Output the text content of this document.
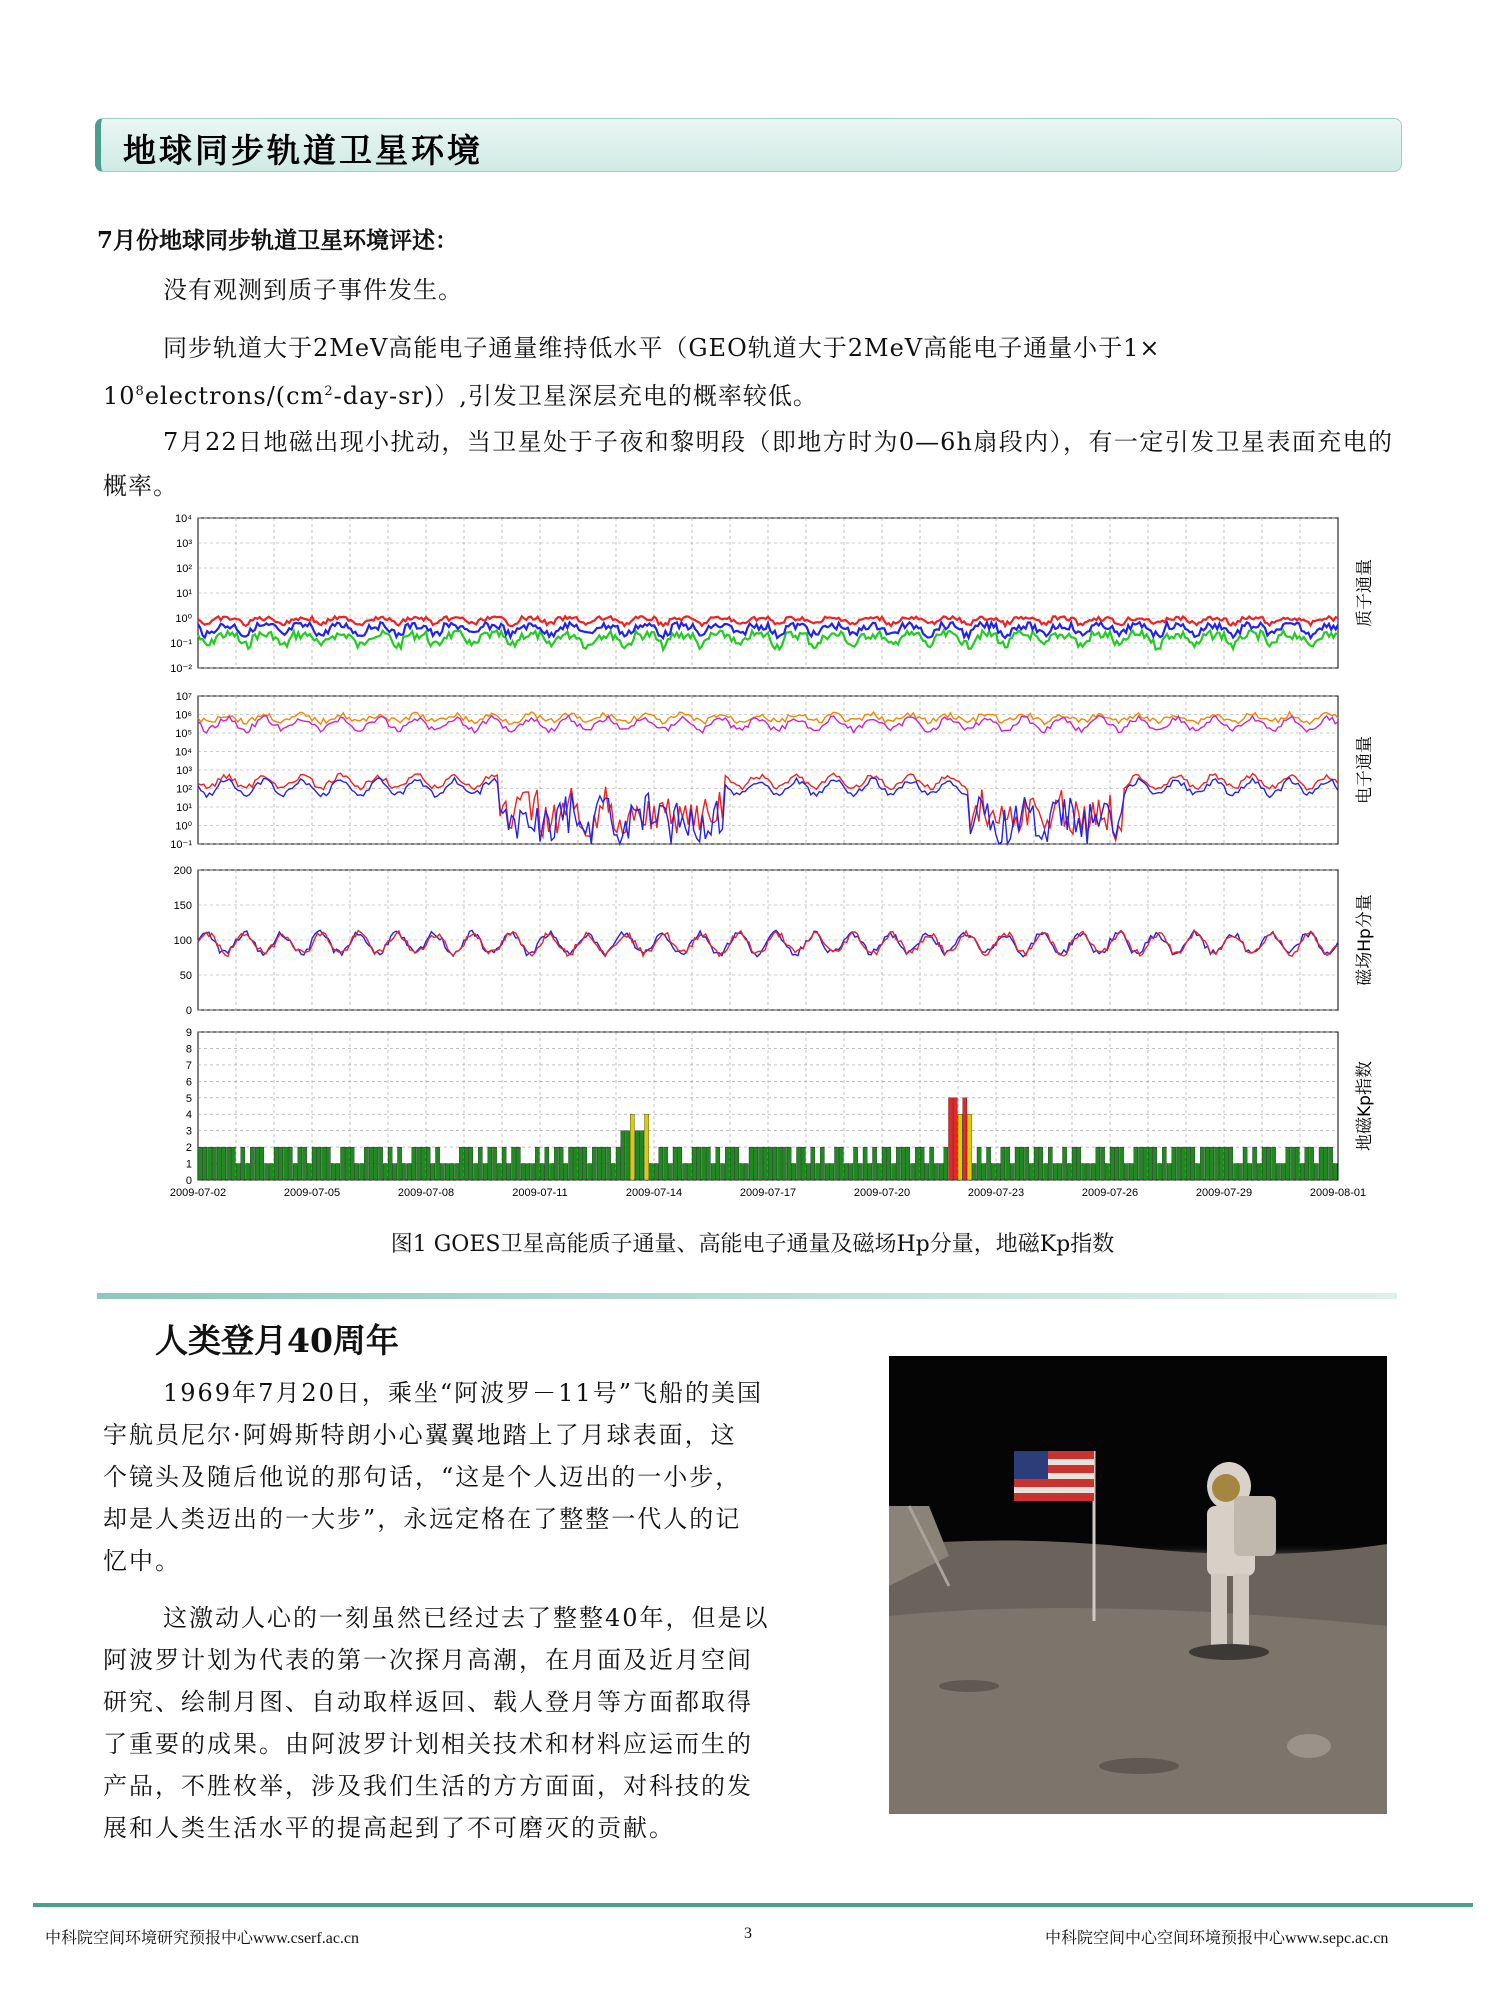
地球同步轨道卫星环境
7月份地球同步轨道卫星环境评述：
没有观测到质子事件发生。
同步轨道大于2MeV高能电子通量维持低水平（GEO轨道大于2MeV高能电子通量小于1×
$10^8electrons/(cm^2-day-sr)$）,引发卫星深层充电的概率较低。
7月22日地磁出现小扰动，当卫星处于子夜和黎明段（即地方时为0—6h扇段内），有一定引发卫星表面充电的概率。
10⁴
10³
10²
10¹
10⁰
10⁻¹
10⁻²
质子通量
10⁷
10⁶
10⁵
10⁴
10³
10²
10¹
10⁰
10⁻¹
电子通量
200
150
100
50
0
磁场Hp分量
9
8
7
6
5
4
3
2
1
0
地磁Kp指数
2009-07-02	2009-07-05	2009-07-08	2009-07-11	2009-07-14	2009-07-17	2009-07-20	2009-07-23	2009-07-26	2009-07-29	2009-08-01
图1 GOES卫星高能质子通量、高能电子通量及磁场Hp分量，地磁Kp指数
人类登月40周年
1969年7月20日，乘坐“阿波罗－11号”飞船的美国
宇航员尼尔·阿姆斯特朗小心翼翼地踏上了月球表面，这
个镜头及随后他说的那句话，“这是个人迈出的一小步，
却是人类迈出的一大步”，永远定格在了整整一代人的记
忆中。
这激动人心的一刻虽然已经过去了整整40年，但是以
阿波罗计划为代表的第一次探月高潮，在月面及近月空间
研究、绘制月图、自动取样返回、载人登月等方面都取得
了重要的成果。由阿波罗计划相关技术和材料应运而生的
产品，不胜枚举，涉及我们生活的方方面面，对科技的发
展和人类生活水平的提高起到了不可磨灭的贡献。
中科院空间环境研究预报中心www.cserf.ac.cn	3	中科院空间中心空间环境预报中心www.sepc.ac.cn
